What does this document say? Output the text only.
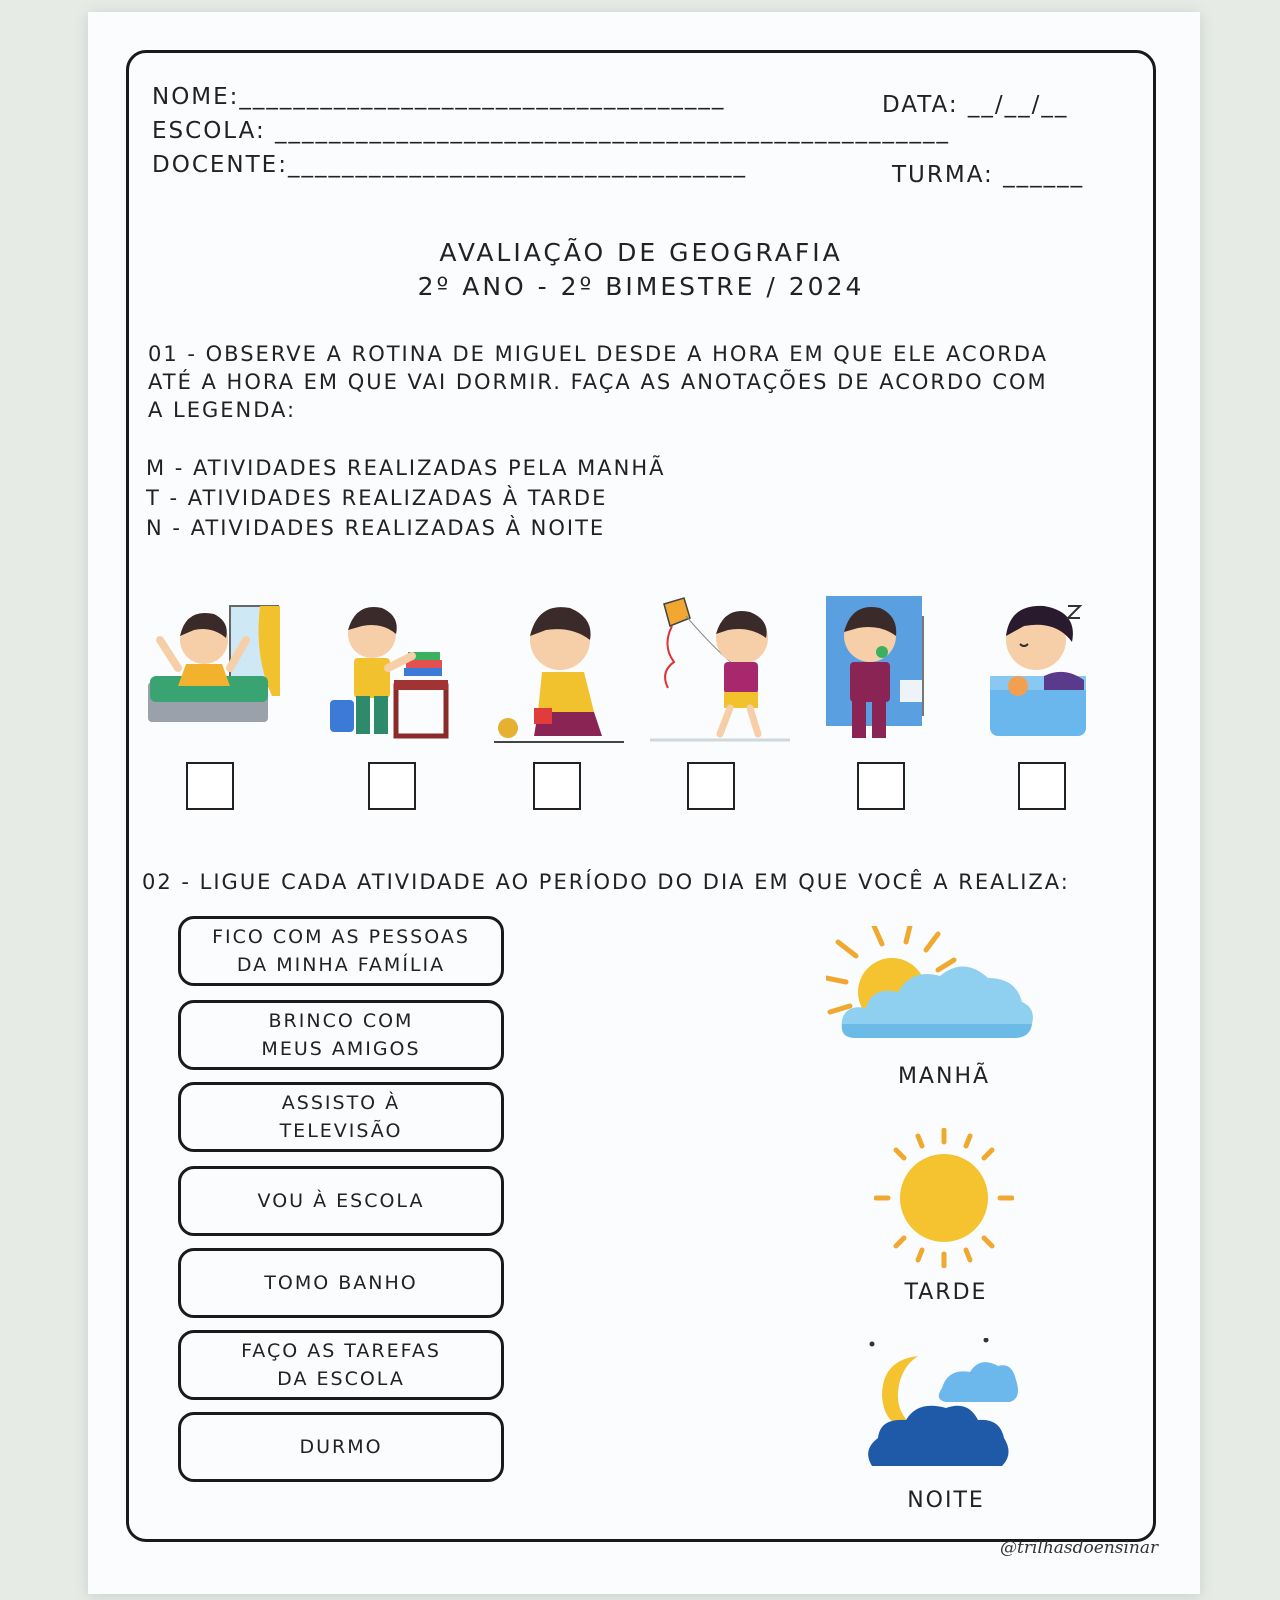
NOME:____________________________________	DATA: __/__/__
ESCOLA: __________________________________________________
DOCENTE:__________________________________	TURMA: ______
AVALIAÇÃO DE GEOGRAFIA
2º ANO - 2º BIMESTRE / 2024
01 - OBSERVE A ROTINA DE MIGUEL DESDE A HORA EM QUE ELE ACORDA
ATÉ A HORA EM QUE VAI DORMIR. FAÇA AS ANOTAÇÕES DE ACORDO COM
A LEGENDA:
M - ATIVIDADES REALIZADAS PELA MANHÃ
T - ATIVIDADES REALIZADAS À TARDE
N - ATIVIDADES REALIZADAS À NOITE
02 - LIGUE CADA ATIVIDADE AO PERÍODO DO DIA EM QUE VOCÊ A REALIZA:
FICO COM AS PESSOAS
DA MINHA FAMÍLIA
BRINCO COM
MEUS AMIGOS
ASSISTO À
TELEVISÃO
VOU À ESCOLA
TOMO BANHO
FAÇO AS TAREFAS
DA ESCOLA
DURMO
MANHÃ
TARDE
NOITE
@trilhasdoensinar
